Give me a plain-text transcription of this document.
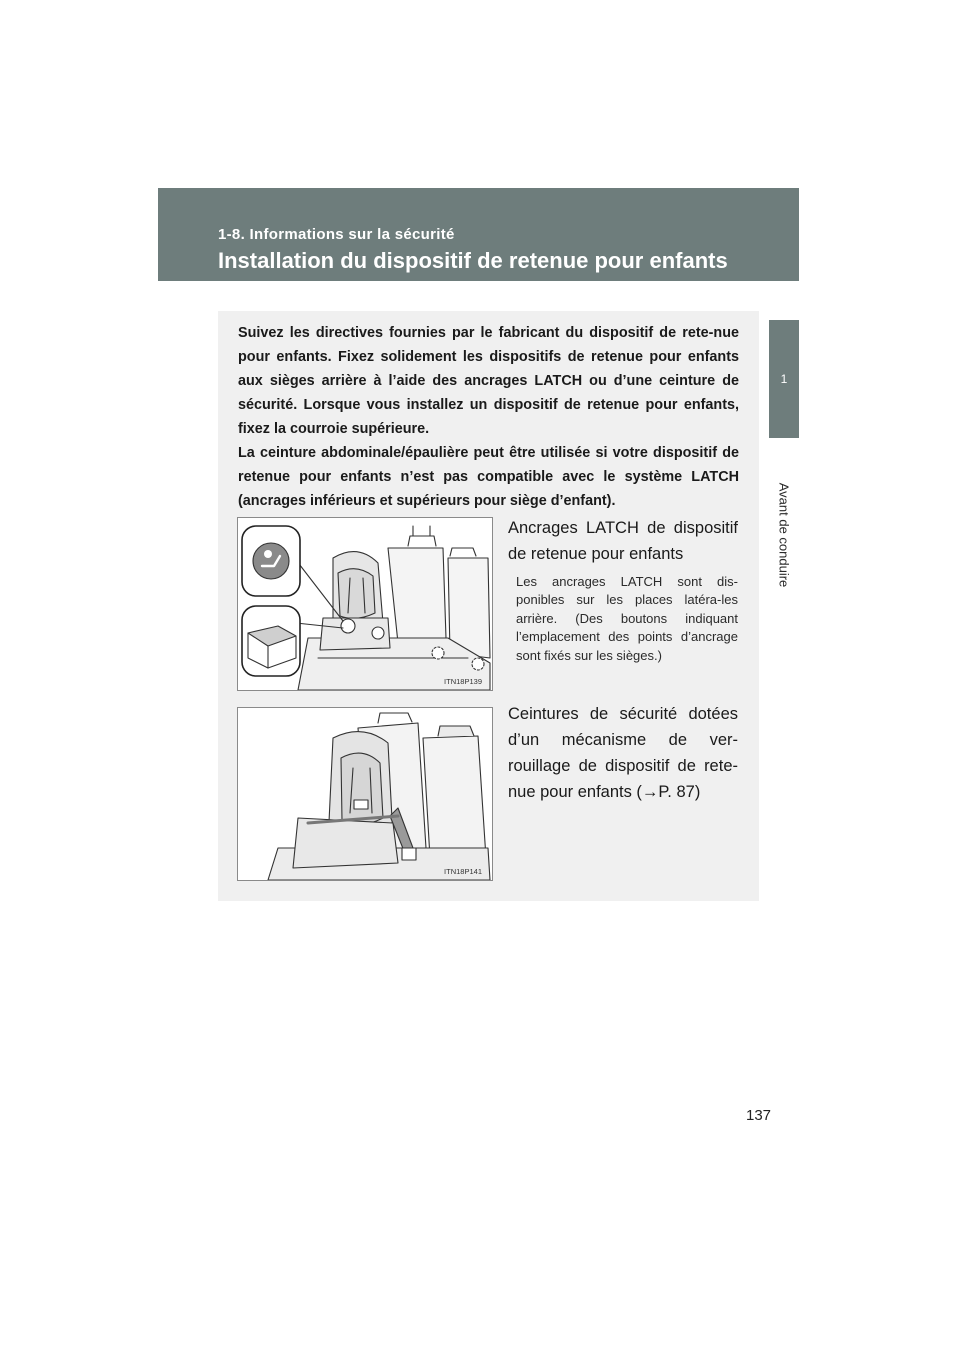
1-8. Informations sur la sécurité
Installation du dispositif de retenue pour enfants
1
Avant de conduire

Suivez les directives fournies par le fabricant du dispositif de rete-nue pour enfants. Fixez solidement les dispositifs de retenue pour enfants aux sièges arrière à l’aide des ancrages LATCH ou d’une ceinture de sécurité. Lorsque vous installez un dispositif de retenue pour enfants, fixez la courroie supérieure.

La ceinture abdominale/épaulière peut être utilisée si votre dispositif de retenue pour enfants n’est pas compatible avec le système LATCH (ancrages inférieurs et supérieurs pour siège d’enfant).

ITN18P139
Ancrages LATCH de dispositif de retenue pour enfants
Les ancrages LATCH sont dis-ponibles sur les places latéra-les arrière. (Des boutons indiquant l’emplacement des points d’ancrage sont fixés sur les sièges.)
ITN18P141
Ceintures de sécurité dotées d’un mécanisme de ver-rouillage de dispositif de rete-nue pour enfants (→P. 87)
137
